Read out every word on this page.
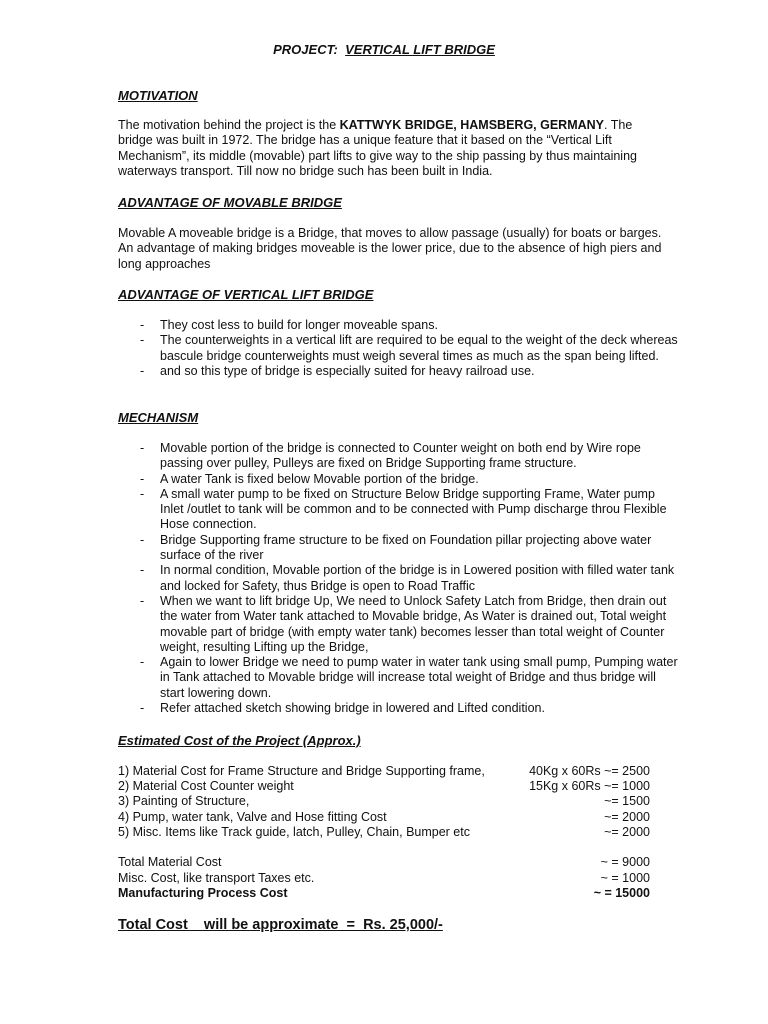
PROJECT: VERTICAL LIFT BRIDGE
MOTIVATION
The motivation behind the project is the KATTWYK BRIDGE, HAMSBERG, GERMANY. The bridge was built in 1972. The bridge has a unique feature that it based on the “Vertical Lift Mechanism”, its middle (movable) part lifts to give way to the ship passing by thus maintaining waterways transport. Till now no bridge such has been built in India.
ADVANTAGE OF MOVABLE BRIDGE
Movable A moveable bridge is a Bridge, that moves to allow passage (usually) for boats or barges. An advantage of making bridges moveable is the lower price, due to the absence of high piers and long approaches
ADVANTAGE OF VERTICAL LIFT BRIDGE
- They cost less to build for longer moveable spans.
- The counterweights in a vertical lift are required to be equal to the weight of the deck whereas bascule bridge counterweights must weigh several times as much as the span being lifted.
- and so this type of bridge is especially suited for heavy railroad use.
MECHANISM
- Movable portion of the bridge is connected to Counter weight on both end by Wire rope passing over pulley, Pulleys are fixed on Bridge Supporting frame structure.
- A water Tank is fixed below Movable portion of the bridge.
- A small water pump to be fixed on Structure Below Bridge supporting Frame, Water pump Inlet /outlet to tank will be common and to be connected with Pump discharge throu Flexible Hose connection.
- Bridge Supporting frame structure to be fixed on Foundation pillar projecting above water surface of the river
- In normal condition, Movable portion of the bridge is in Lowered position with filled water tank and locked for Safety, thus Bridge is open to Road Traffic
- When we want to lift bridge Up, We need to Unlock Safety Latch from Bridge, then drain out the water from Water tank attached to Movable bridge, As Water is drained out, Total weight movable part of bridge (with empty water tank) becomes lesser than total weight of Counter weight, resulting Lifting up the Bridge,
- Again to lower Bridge we need to pump water in water tank using small pump, Pumping water in Tank attached to Movable bridge will increase total weight of Bridge and thus bridge will start lowering down.
- Refer attached sketch showing bridge in lowered and Lifted condition.
Estimated Cost of the Project (Approx.)
1) Material Cost for Frame Structure and Bridge Supporting frame,	40Kg x 60Rs ~= 2500
2) Material Cost Counter weight	15Kg x 60Rs ~= 1000
3) Painting of Structure,	~= 1500
4) Pump, water tank, Valve and Hose fitting Cost	~= 2000
5) Misc. Items like Track guide, latch, Pulley, Chain, Bumper etc	~= 2000
Total Material Cost	~ = 9000
Misc. Cost, like transport Taxes etc.	~ = 1000
Manufacturing Process Cost	~ = 15000
Total Cost    will be approximate  =  Rs. 25,000/-
